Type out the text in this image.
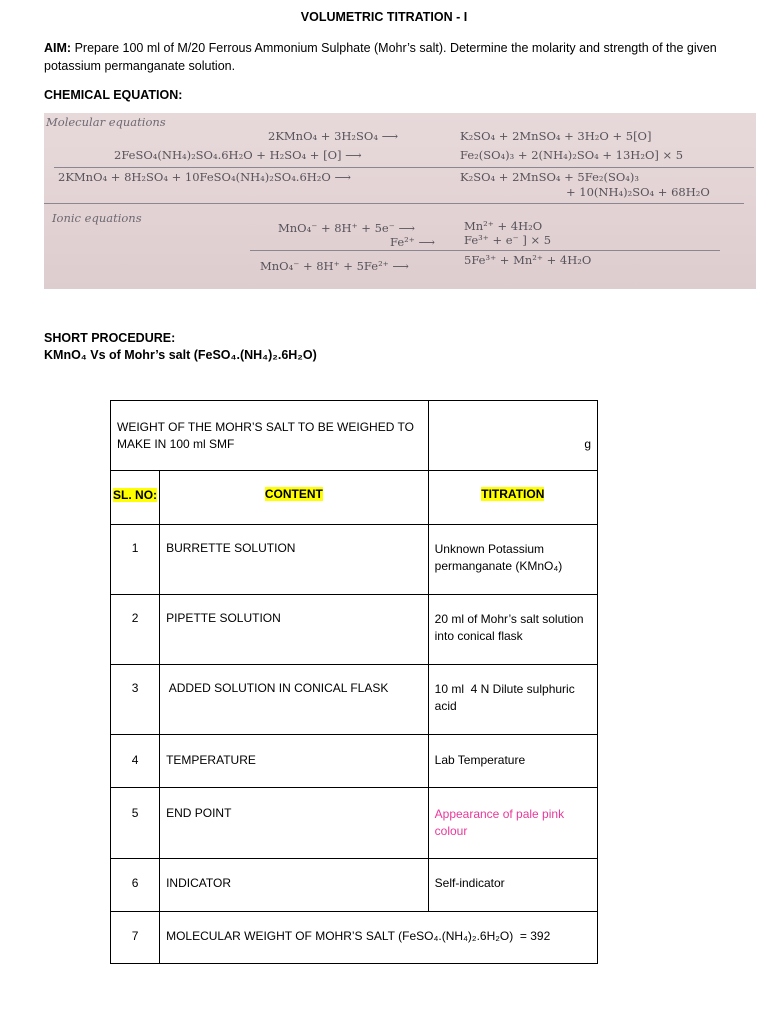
VOLUMETRIC TITRATION - I
AIM: Prepare 100 ml of M/20 Ferrous Ammonium Sulphate (Mohr’s salt). Determine the molarity and strength of the given potassium permanganate solution.
CHEMICAL EQUATION:
Molecular equations
2KMnO₄ + 3H₂SO₄ ⟶	K₂SO₄ + 2MnSO₄ + 3H₂O + 5[O]
2FeSO₄(NH₄)₂SO₄.6H₂O + H₂SO₄ + [O] ⟶	Fe₂(SO₄)₃ + 2(NH₄)₂SO₄ + 13H₂O] × 5
2KMnO₄ + 8H₂SO₄ + 10FeSO₄(NH₄)₂SO₄.6H₂O ⟶	K₂SO₄ + 2MnSO₄ + 5Fe₂(SO₄)₃
+ 10(NH₄)₂SO₄ + 68H₂O
Ionic equations
MnO₄⁻ + 8H⁺ + 5e⁻ ⟶	Mn²⁺ + 4H₂O
Fe²⁺ ⟶	Fe³⁺ + e⁻ ] × 5
MnO₄⁻ + 8H⁺ + 5Fe²⁺ ⟶	5Fe³⁺ + Mn²⁺ + 4H₂O
SHORT PROCEDURE:
KMnO₄ Vs of Mohr’s salt (FeSO₄.(NH₄)₂.6H₂O)
WEIGHT OF THE MOHR’S SALT TO BE WEIGHED TO MAKE IN 100 ml SMF		g
SL. NO:	CONTENT	TITRATION
1	BURRETTE SOLUTION	Unknown Potassium permanganate (KMnO₄)
2	PIPETTE SOLUTION	20 ml of Mohr’s salt solution into conical flask
3	ADDED SOLUTION IN CONICAL FLASK	10 ml  4 N Dilute sulphuric acid
4	TEMPERATURE	Lab Temperature
5	END POINT	Appearance of pale pink colour
6	INDICATOR	Self-indicator
7	MOLECULAR WEIGHT OF MOHR’S SALT (FeSO₄.(NH₄)₂.6H₂O)  = 392	
